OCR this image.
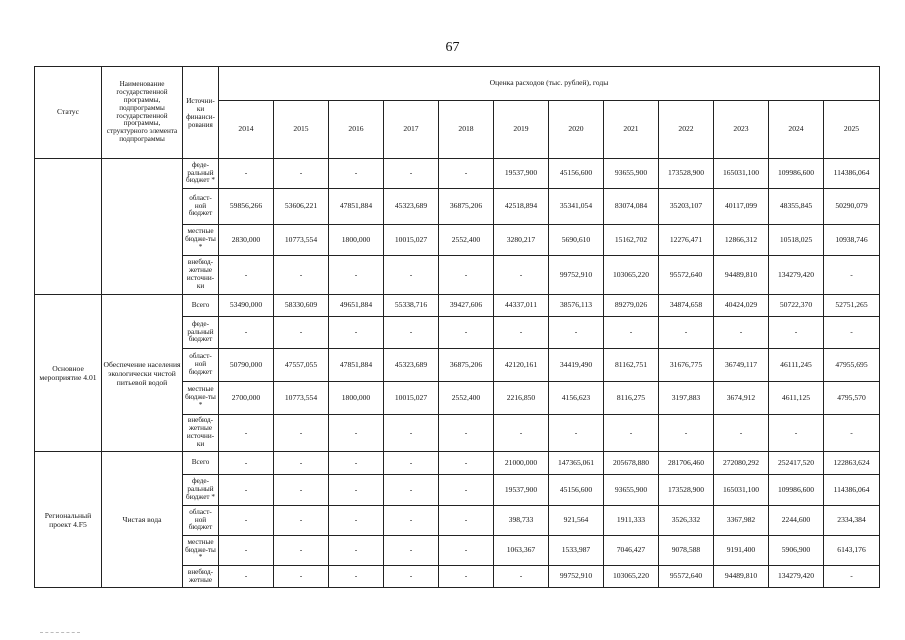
67
Статус	Наименование государственной программы, подпрограммы государственной программы, структурного элемента подпрограммы	Источни-ки финанси-рования	Оценка расходов (тыс. рублей), годы											
			2014	2015	2016	2017	2018	2019	2020	2021	2022	2023	2024	2025
		феде-ральный бюджет *	-	-	-	-	-	19537,900	45156,600	93655,900	173528,900	165031,100	109986,600	114386,064
		област-ной бюджет	59856,266	53606,221	47851,884	45323,689	36875,206	42518,894	35341,054	83074,084	35203,107	40117,099	48355,845	50290,079
		местные бюдже-ты *	2830,000	10773,554	1800,000	10015,027	2552,400	3280,217	5690,610	15162,702	12276,471	12866,312	10518,025	10938,746
		внебюд-жетные источни-ки	-	-	-	-	-	-	99752,910	103065,220	95572,640	94489,810	134279,420	-
Основное мероприятие 4.01	Обеспечение населения экологически чистой питьевой водой	Всего	53490,000	58330,609	49651,884	55338,716	39427,606	44337,011	38576,113	89279,026	34874,658	40424,029	50722,370	52751,265
		феде-ральный бюджет	-	-	-	-	-	-	-	-	-	-	-	-
		област-ной бюджет	50790,000	47557,055	47851,884	45323,689	36875,206	42120,161	34419,490	81162,751	31676,775	36749,117	46111,245	47955,695
		местные бюдже-ты *	2700,000	10773,554	1800,000	10015,027	2552,400	2216,850	4156,623	8116,275	3197,883	3674,912	4611,125	4795,570
		внебюд-жетные источни-ки	-	-	-	-	-	-	-	-	-	-	-	-
Региональный проект 4.F5	Чистая вода	Всего	-	-	-	-	-	21000,000	147365,061	205678,880	281706,460	272080,292	252417,520	122863,624
		феде-ральный бюджет *	-	-	-	-	-	19537,900	45156,600	93655,900	173528,900	165031,100	109986,600	114386,064
		област-ной бюджет	-	-	-	-	-	398,733	921,564	1911,333	3526,332	3367,982	2244,600	2334,384
		местные бюдже-ты *	-	-	-	-	-	1063,367	1533,987	7046,427	9078,588	9191,400	5906,900	6143,176
		внебюд-жетные	-	-	-	-	-	-	99752,910	103065,220	95572,640	94489,810	134279,420	-
